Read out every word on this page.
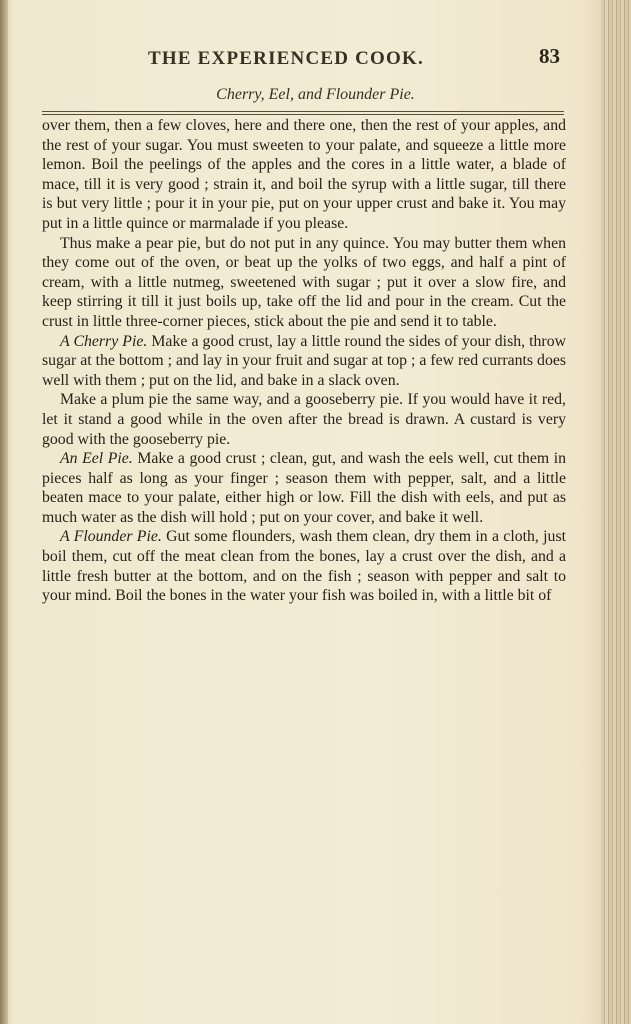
THE EXPERIENCED COOK.	83
Cherry, Eel, and Flounder Pie.

over them, then a few cloves, here and there one, then the rest of your apples, and the rest of your sugar. You must sweeten to your palate, and squeeze a little more lemon. Boil the peelings of the apples and the cores in a little water, a blade of mace, till it is very good ; strain it, and boil the syrup with a little sugar, till there is but very little ; pour it in your pie, put on your upper crust and bake it. You may put in a little quince or marmalade if you please.

Thus make a pear pie, but do not put in any quince. You may butter them when they come out of the oven, or beat up the yolks of two eggs, and half a pint of cream, with a little nutmeg, sweetened with sugar ; put it over a slow fire, and keep stirring it till it just boils up, take off the lid and pour in the cream. Cut the crust in little three-corner pieces, stick about the pie and send it to table.

A Cherry Pie. Make a good crust, lay a little round the sides of your dish, throw sugar at the bottom ; and lay in your fruit and sugar at top ; a few red currants does well with them ; put on the lid, and bake in a slack oven.

Make a plum pie the same way, and a gooseberry pie. If you would have it red, let it stand a good while in the oven after the bread is drawn. A custard is very good with the gooseberry pie.

An Eel Pie. Make a good crust ; clean, gut, and wash the eels well, cut them in pieces half as long as your finger ; season them with pepper, salt, and a little beaten mace to your palate, either high or low. Fill the dish with eels, and put as much water as the dish will hold ; put on your cover, and bake it well.

A Flounder Pie. Gut some flounders, wash them clean, dry them in a cloth, just boil them, cut off the meat clean from the bones, lay a crust over the dish, and a little fresh butter at the bottom, and on the fish ; season with pepper and salt to your mind. Boil the bones in the water your fish was boiled in, with a little bit of
